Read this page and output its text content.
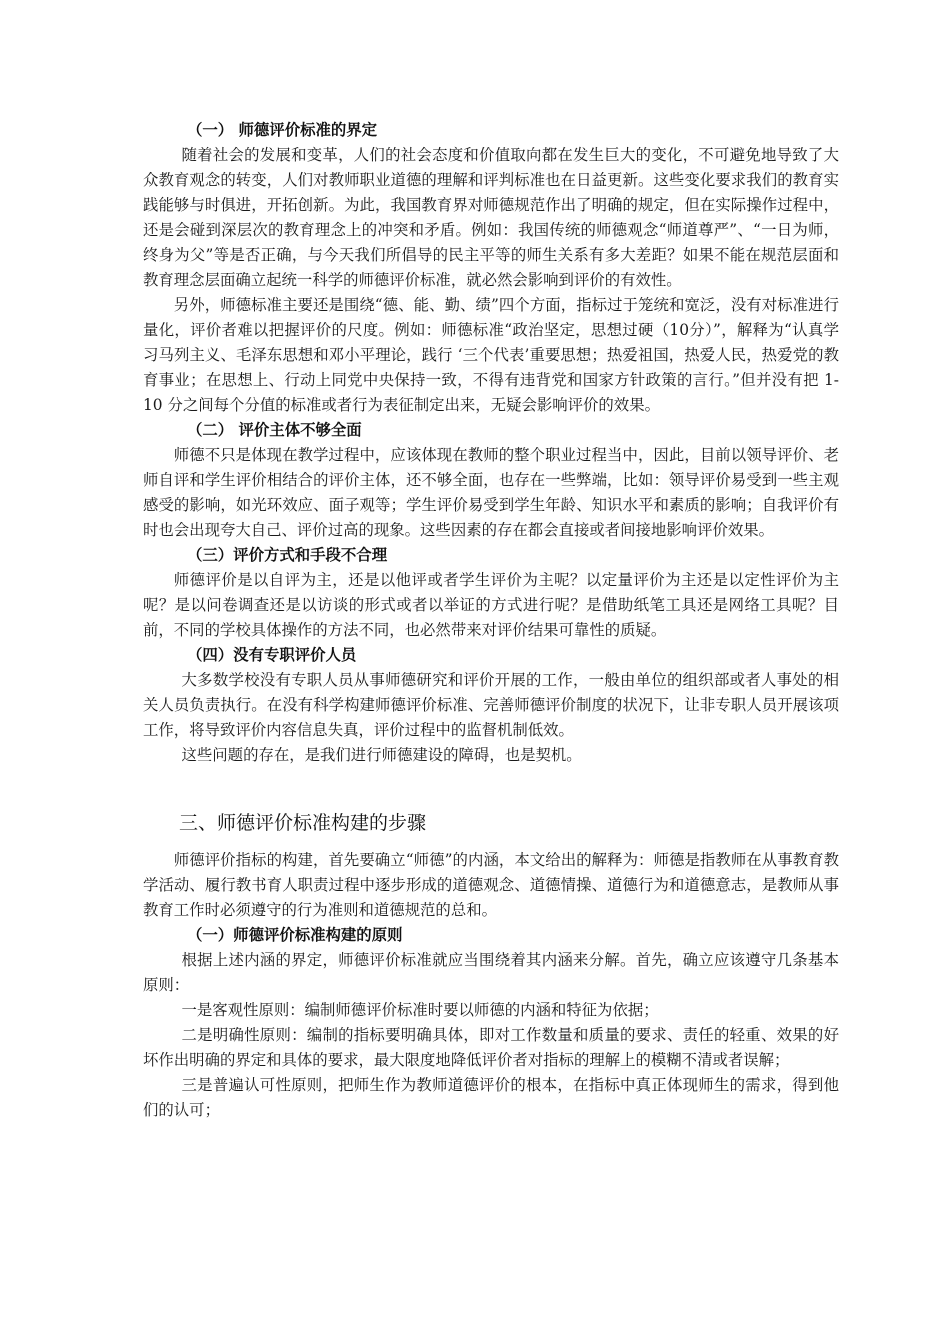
（一） 师德评价标准的界定

随着社会的发展和变革，人们的社会态度和价值取向都在发生巨大的变化，不可避免地导致了大众教育观念的转变，人们对教师职业道德的理解和评判标准也在日益更新。这些变化要求我们的教育实践能够与时俱进，开拓创新。为此，我国教育界对师德规范作出了明确的规定，但在实际操作过程中，还是会碰到深层次的教育理念上的冲突和矛盾。例如：我国传统的师德观念“师道尊严”、“一日为师，终身为父”等是否正确，与今天我们所倡导的民主平等的师生关系有多大差距？如果不能在规范层面和教育理念层面确立起统一科学的师德评价标准，就必然会影响到评价的有效性。

另外，师德标准主要还是围绕“德、能、勤、绩”四个方面，指标过于笼统和宽泛，没有对标准进行量化，评价者难以把握评价的尺度。例如：师德标准“政治坚定，思想过硬（10分）”，解释为“认真学习马列主义、毛泽东思想和邓小平理论，践行 ‘三个代表’重要思想；热爱祖国，热爱人民，热爱党的教育事业；在思想上、行动上同党中央保持一致，不得有违背党和国家方针政策的言行。”但并没有把 1-10 分之间每个分值的标准或者行为表征制定出来，无疑会影响评价的效果。

（二） 评价主体不够全面

师德不只是体现在教学过程中，应该体现在教师的整个职业过程当中，因此，目前以领导评价、老师自评和学生评价相结合的评价主体，还不够全面，也存在一些弊端，比如：领导评价易受到一些主观感受的影响，如光环效应、面子观等；学生评价易受到学生年龄、知识水平和素质的影响；自我评价有时也会出现夸大自己、评价过高的现象。这些因素的存在都会直接或者间接地影响评价效果。

（三）评价方式和手段不合理

师德评价是以自评为主，还是以他评或者学生评价为主呢？以定量评价为主还是以定性评价为主呢？是以问卷调查还是以访谈的形式或者以举证的方式进行呢？是借助纸笔工具还是网络工具呢？目前，不同的学校具体操作的方法不同，也必然带来对评价结果可靠性的质疑。

（四）没有专职评价人员

大多数学校没有专职人员从事师德研究和评价开展的工作，一般由单位的组织部或者人事处的相关人员负责执行。在没有科学构建师德评价标准、完善师德评价制度的状况下，让非专职人员开展该项工作，将导致评价内容信息失真，评价过程中的监督机制低效。

这些问题的存在，是我们进行师德建设的障碍，也是契机。

三、师德评价标准构建的步骤

师德评价指标的构建，首先要确立“师德”的内涵，本文给出的解释为：师德是指教师在从事教育教学活动、履行教书育人职责过程中逐步形成的道德观念、道德情操、道德行为和道德意志，是教师从事教育工作时必须遵守的行为准则和道德规范的总和。

（一）师德评价标准构建的原则

根据上述内涵的界定，师德评价标准就应当围绕着其内涵来分解。首先，确立应该遵守几条基本原则：

一是客观性原则：编制师德评价标准时要以师德的内涵和特征为依据；

二是明确性原则：编制的指标要明确具体，即对工作数量和质量的要求、责任的轻重、效果的好坏作出明确的界定和具体的要求，最大限度地降低评价者对指标的理解上的模糊不清或者误解；

三是普遍认可性原则，把师生作为教师道德评价的根本，在指标中真正体现师生的需求，得到他们的认可；
